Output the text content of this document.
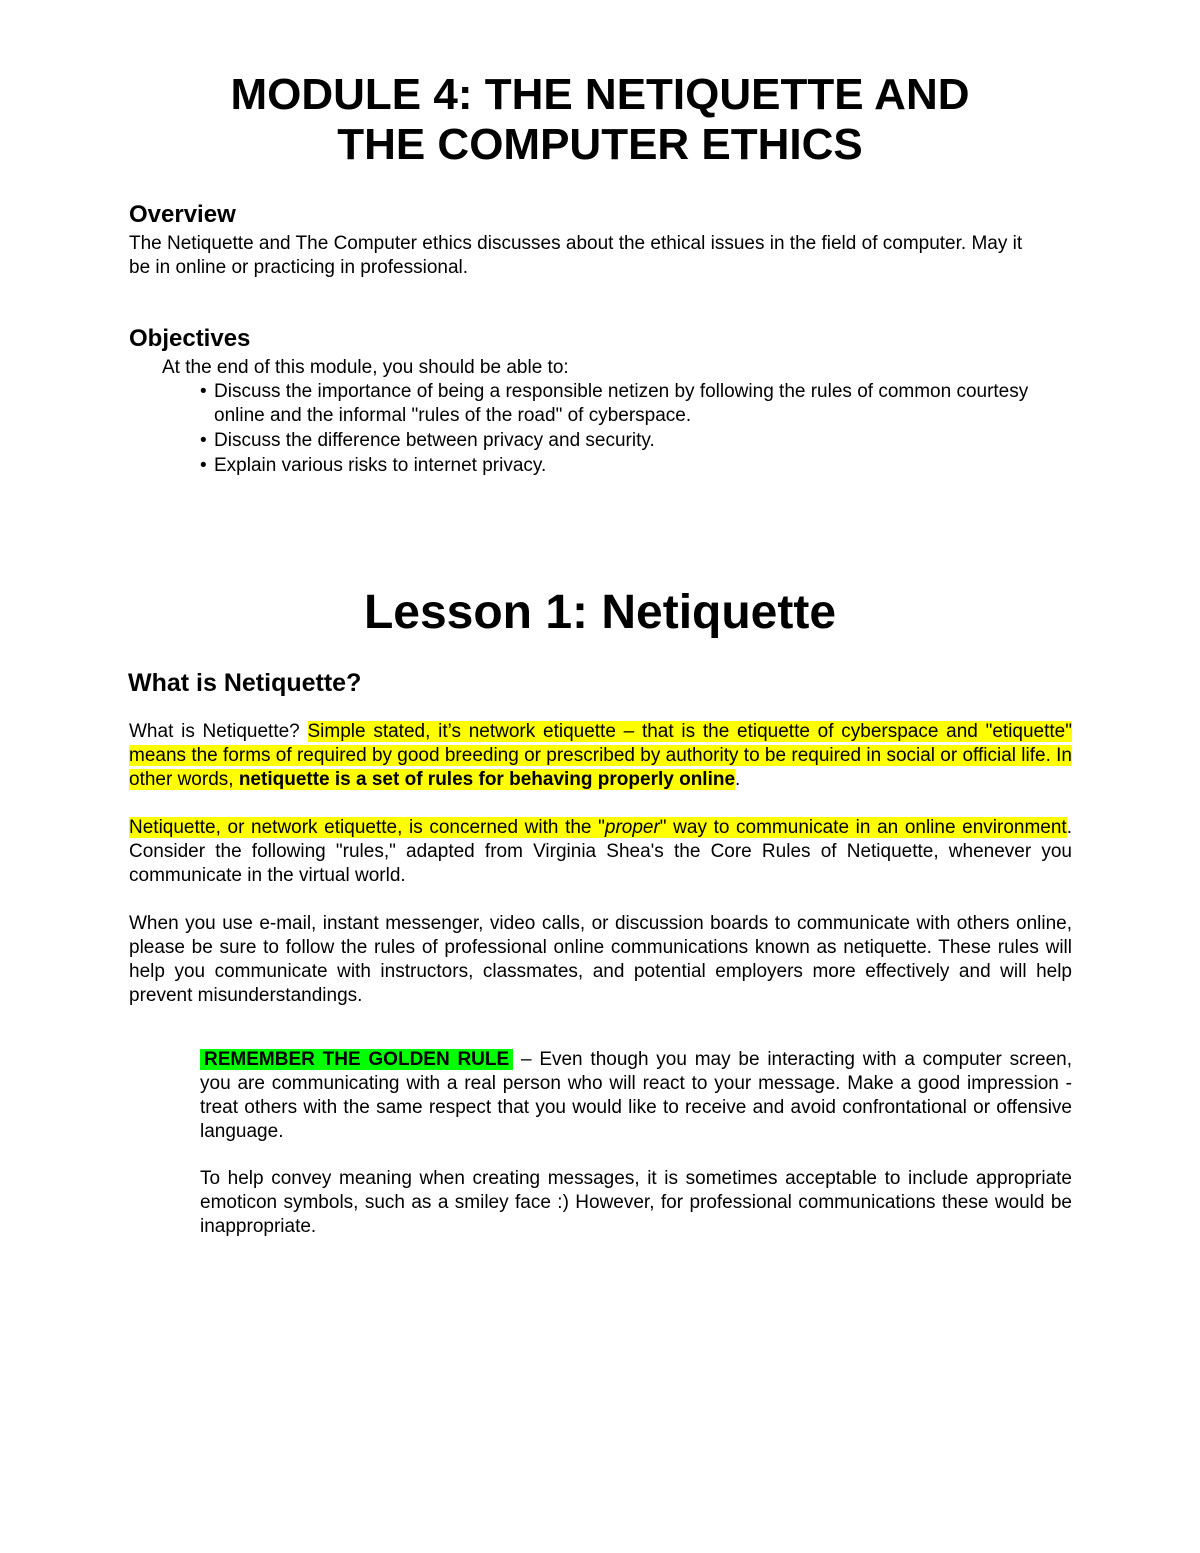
MODULE 4: THE NETIQUETTE AND
THE COMPUTER ETHICS
Overview

The Netiquette and The Computer ethics discusses about the ethical issues in the field of computer. May it be in online or practicing in professional.

Objectives

At the end of this module, you should be able to:

• Discuss the importance of being a responsible netizen by following the rules of common courtesy online and the informal "rules of the road" of cyberspace.
• Discuss the difference between privacy and security.
• Explain various risks to internet privacy.
Lesson 1: Netiquette
What is Netiquette?

What is Netiquette? Simple stated, it’s network etiquette – that is the etiquette of cyberspace and "etiquette" means the forms of required by good breeding or prescribed by authority to be required in social or official life. In other words, netiquette is a set of rules for behaving properly online.

Netiquette, or network etiquette, is concerned with the "proper" way to communicate in an online environment. Consider the following "rules," adapted from Virginia Shea's the Core Rules of Netiquette, whenever you communicate in the virtual world.

When you use e-mail, instant messenger, video calls, or discussion boards to communicate with others online, please be sure to follow the rules of professional online communications known as netiquette. These rules will help you communicate with instructors, classmates, and potential employers more effectively and will help prevent misunderstandings.

REMEMBER THE GOLDEN RULE – Even though you may be interacting with a computer screen, you are communicating with a real person who will react to your message. Make a good impression - treat others with the same respect that you would like to receive and avoid confrontational or offensive language.

To help convey meaning when creating messages, it is sometimes acceptable to include appropriate emoticon symbols, such as a smiley face :) However, for professional communications these would be inappropriate.
